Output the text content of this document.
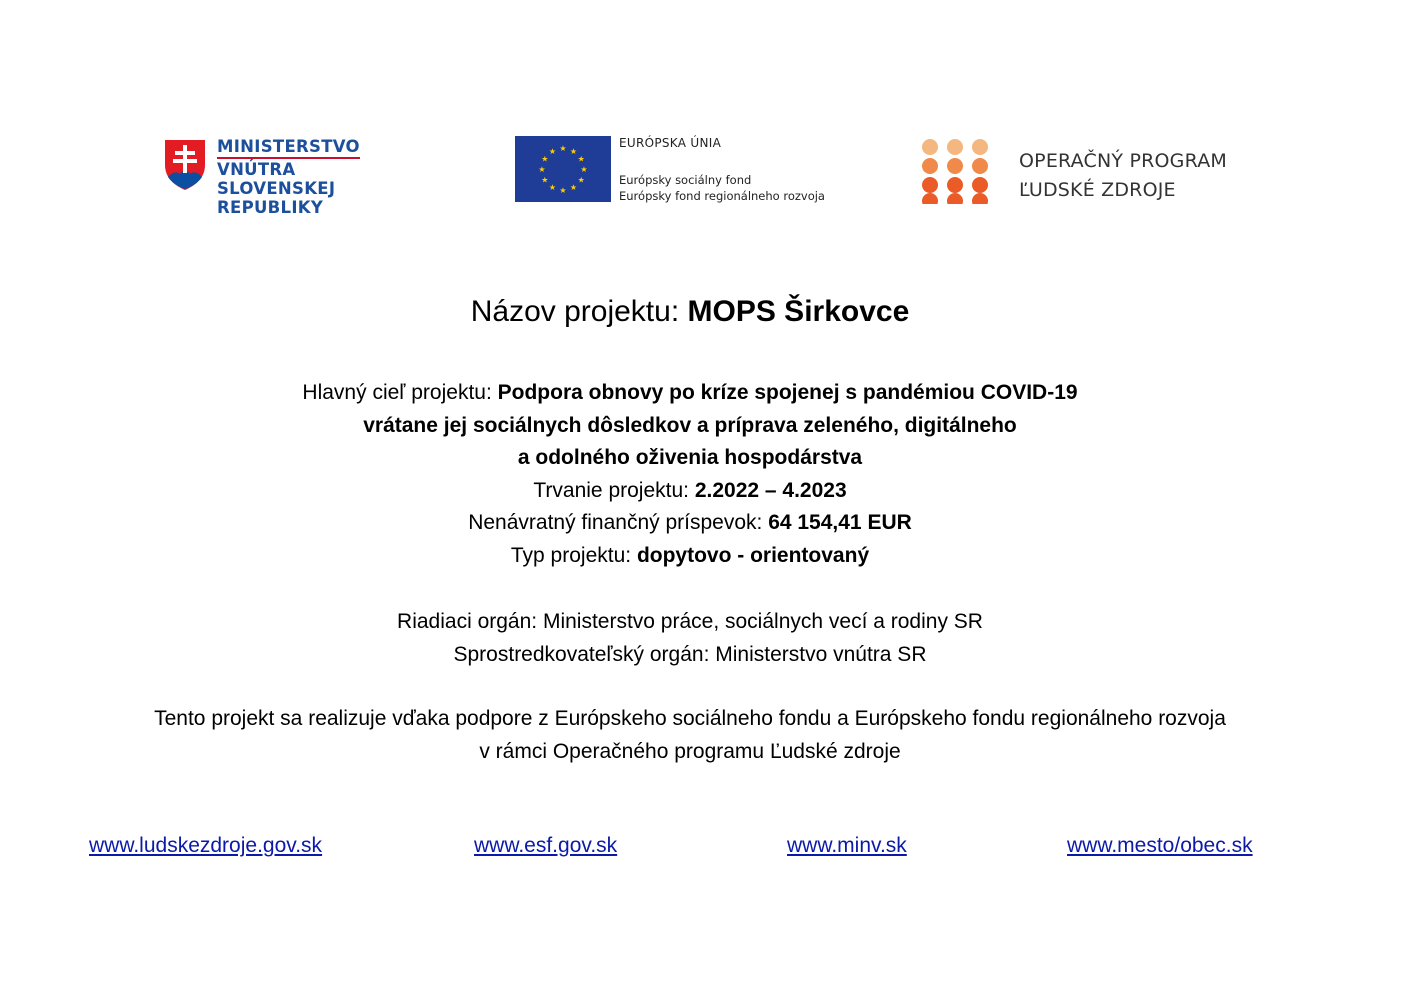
MINISTERSTVO
VNÚTRA
SLOVENSKEJ REPUBLIKY
★ ★
★
★
★
★
★
★
★
★
★
★
EURÓPSKA ÚNIA
Európsky sociálny fond
Európsky fond regionálneho rozvoja
OPERAČNÝ PROGRAM
ĽUDSKÉ ZDROJE
Názov projektu: MOPS Širkovce
Hlavný cieľ projektu: Podpora obnovy po kríze spojenej s pandémiou COVID-19
vrátane jej sociálnych dôsledkov a príprava zeleného, digitálneho
a odolného oživenia hospodárstva
Trvanie projektu: 2.2022 – 4.2023
Nenávratný finančný príspevok: 64 154,41 EUR
Typ projektu: dopytovo - orientovaný
Riadiaci orgán: Ministerstvo práce, sociálnych vecí a rodiny SR
Sprostredkovateľský orgán: Ministerstvo vnútra SR
Tento projekt sa realizuje vďaka podpore z Európskeho sociálneho fondu a Európskeho fondu regionálneho rozvoja
v rámci Operačného programu Ľudské zdroje
www.ludskezdroje.gov.sk	www.esf.gov.sk	www.minv.sk	www.mesto/obec.sk
